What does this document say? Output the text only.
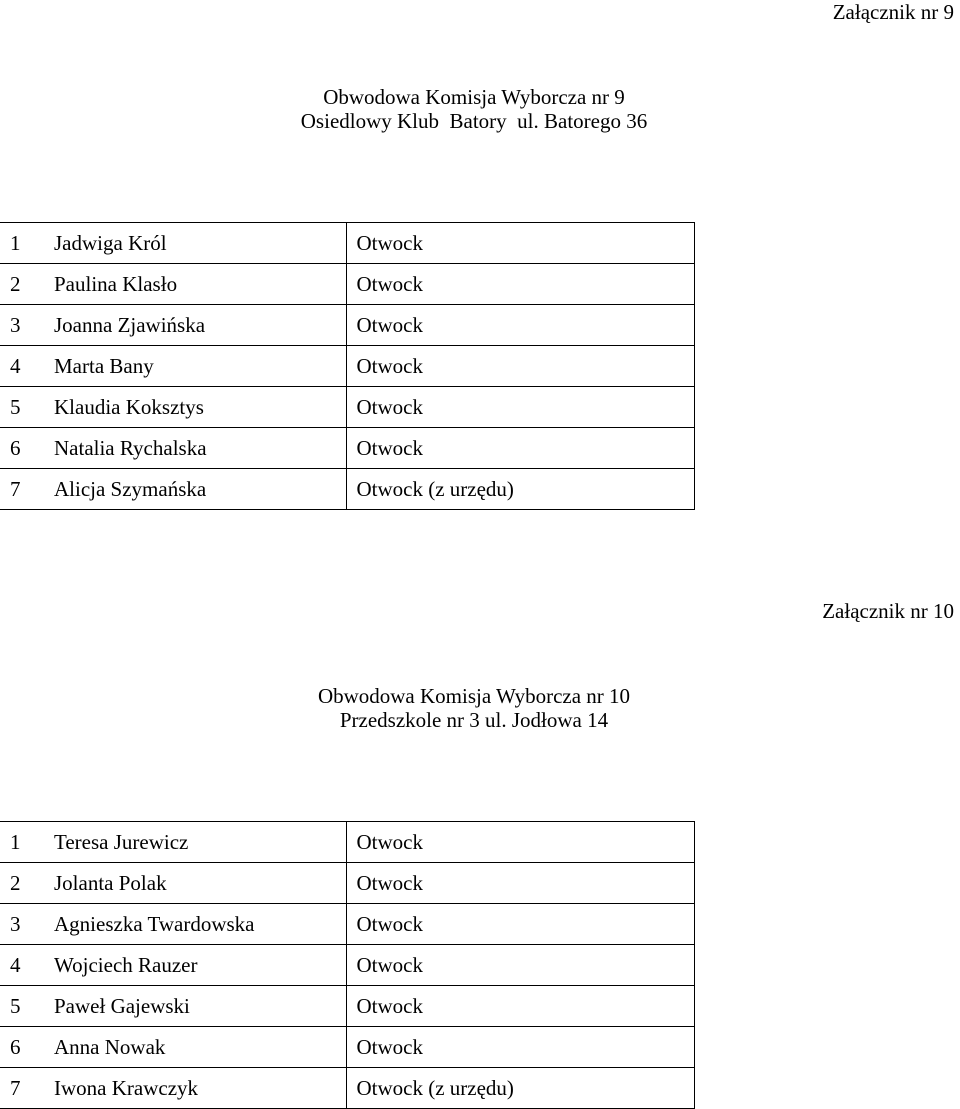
Załącznik nr 9
Obwodowa Komisja Wyborcza nr 9
Osiedlowy Klub  Batory  ul. Batorego 36
1	Jadwiga Król	Otwock
2	Paulina Klasło	Otwock
3	Joanna Zjawińska	Otwock
4	Marta Bany	Otwock
5	Klaudia Koksztys	Otwock
6	Natalia Rychalska	Otwock
7	Alicja Szymańska	Otwock (z urzędu)
Załącznik nr 10
Obwodowa Komisja Wyborcza nr 10
Przedszkole nr 3 ul. Jodłowa 14
1	Teresa Jurewicz	Otwock
2	Jolanta Polak	Otwock
3	Agnieszka Twardowska	Otwock
4	Wojciech Rauzer	Otwock
5	Paweł Gajewski	Otwock
6	Anna Nowak	Otwock
7	Iwona Krawczyk	Otwock (z urzędu)
